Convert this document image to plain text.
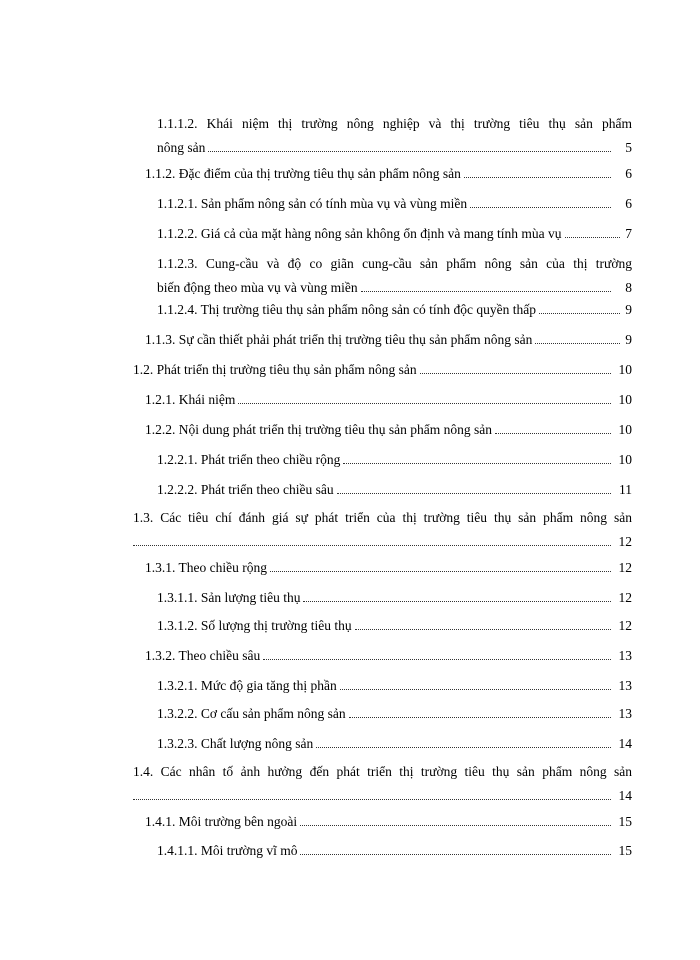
1.1.1.2. Khái niệm thị trường nông nghiệp và thị trường tiêu thụ sản phẩm
nông sản	5
1.1.2. Đặc điểm của thị trường tiêu thụ sản phẩm nông sản	6
1.1.2.1. Sản phẩm nông sản có tính mùa vụ và vùng miền	6
1.1.2.2. Giá cả của mặt hàng nông sản không ổn định và mang tính mùa vụ	7
1.1.2.3. Cung-cầu và độ co giãn cung-cầu sản phẩm nông sản của thị trường
biến động theo mùa vụ và vùng miền	8
1.1.2.4. Thị trường tiêu thụ sản phẩm nông sản có tính độc quyền thấp	9
1.1.3. Sự cần thiết phải phát triển thị trường tiêu thụ sản phẩm nông sản	9
1.2. Phát triển thị trường tiêu thụ sản phẩm nông sản	10
1.2.1. Khái niệm	10
1.2.2. Nội dung phát triển thị trường tiêu thụ sản phẩm nông sản	10
1.2.2.1. Phát triển theo chiều rộng	10
1.2.2.2. Phát triển theo chiều sâu	11
1.3. Các tiêu chí đánh giá sự phát triển của thị trường tiêu thụ sản phẩm nông sản
12
1.3.1. Theo chiều rộng	12
1.3.1.1. Sản lượng tiêu thụ	12
1.3.1.2. Số lượng thị trường tiêu thụ	12
1.3.2. Theo chiều sâu	13
1.3.2.1. Mức độ gia tăng thị phần	13
1.3.2.2. Cơ cấu sản phẩm nông sản	13
1.3.2.3. Chất lượng nông sản	14
1.4. Các nhân tố ảnh hưởng đến phát triển thị trường tiêu thụ sản phẩm nông sản
14
1.4.1. Môi trường bên ngoài	15
1.4.1.1. Môi trường vĩ mô	15
